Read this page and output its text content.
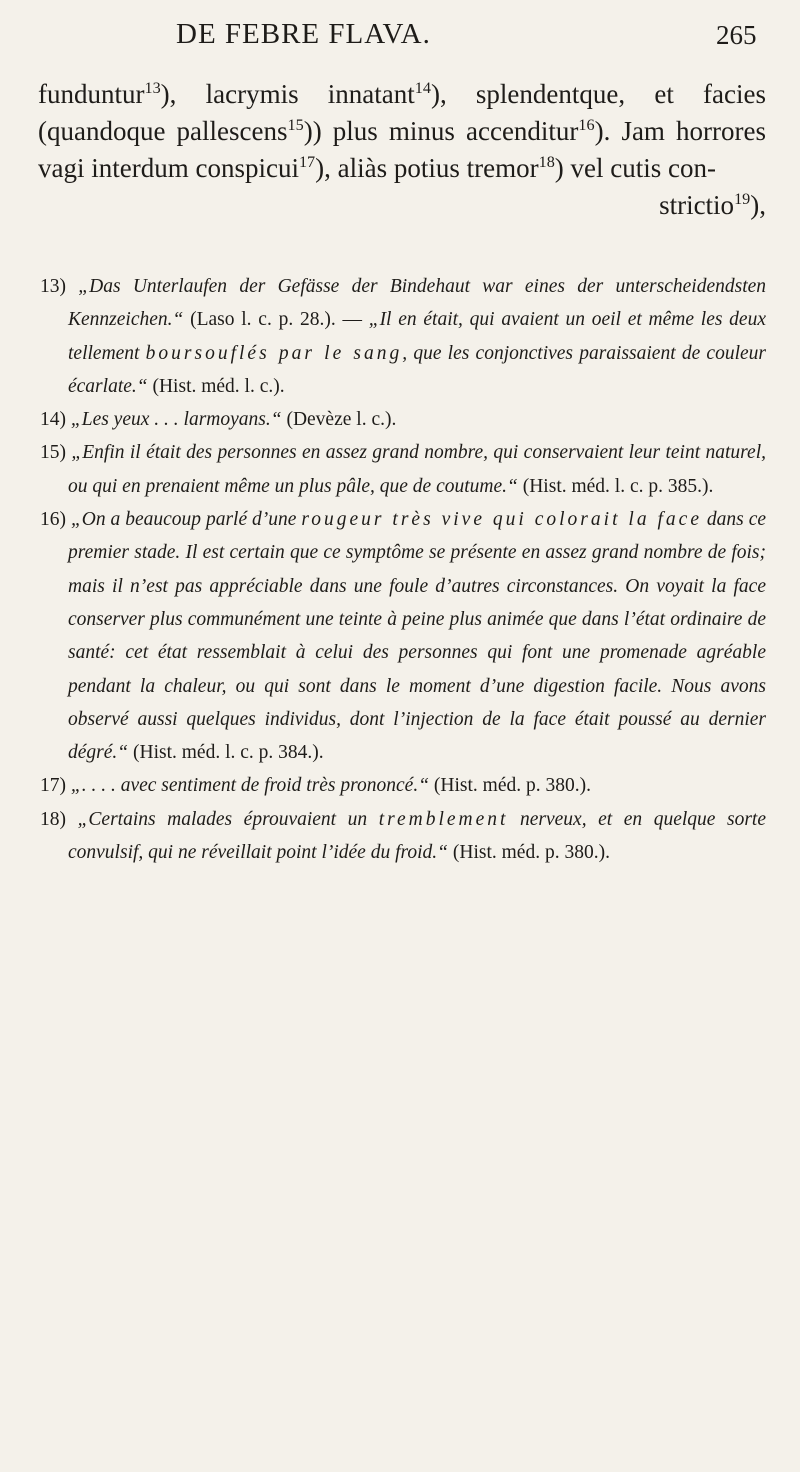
DE FEBRE FLAVA.	265

funduntur$^{13}$), lacrymis innatant$^{14}$), splendentque, et facies (quandoque pallescens$^{15}$)) plus minus accenditur$^{16}$). Jam horrores vagi interdum conspicui$^{17}$), aliàs potius tremor$^{18}$) vel cutis con-

strictio$^{19}$),

13) „Das Unterlaufen der Gefässe der Bindehaut war eines der unterscheidendsten Kennzeichen.“ (Laso l. c. p. 28.). — „Il en était, qui avaient un oeil et même les deux tellement boursouflés par le sang, que les conjonctives paraissaient de couleur écarlate.“ (Hist. méd. l. c.).

14) „Les yeux . . . larmoyans.“ (Devèze l. c.).

15) „Enfin il était des personnes en assez grand nombre, qui conservaient leur teint naturel, ou qui en prenaient même un plus pâle, que de coutume.“ (Hist. méd. l. c. p. 385.).

16) „On a beaucoup parlé d’une rougeur très vive qui colorait la face dans ce premier stade. Il est certain que ce symptôme se présente en assez grand nombre de fois; mais il n’est pas appréciable dans une foule d’autres circonstances. On voyait la face conserver plus communément une teinte à peine plus animée que dans l’état ordinaire de santé: cet état ressemblait à celui des personnes qui font une promenade agréable pendant la chaleur, ou qui sont dans le moment d’une digestion facile. Nous avons observé aussi quelques individus, dont l’injection de la face était poussé au dernier dégré.“ (Hist. méd. l. c. p. 384.).

17) „. . . . avec sentiment de froid très prononcé.“ (Hist. méd. p. 380.).

18) „Certains malades éprouvaient un tremblement nerveux, et en quelque sorte convulsif, qui ne réveillait point l’idée du froid.“ (Hist. méd. p. 380.).
